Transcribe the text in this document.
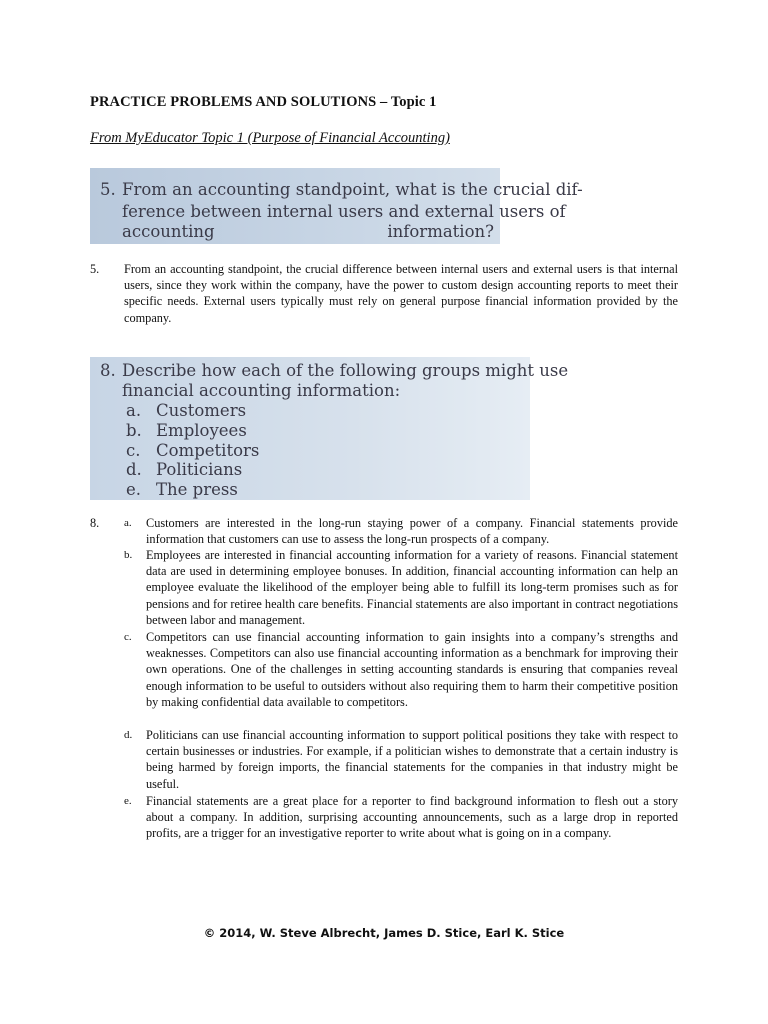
PRACTICE PROBLEMS AND SOLUTIONS – Topic 1
From MyEducator Topic 1 (Purpose of Financial Accounting)
5. From an accounting standpoint, what is the crucial dif-
ference between internal users and external users of
accounting information?
5. From an accounting standpoint, the crucial difference between internal users and external users is that internal users, since they work within the company, have the power to custom design accounting reports to meet their specific needs. External users typically must rely on general purpose financial information provided by the company.
8. Describe how each of the following groups might use
financial accounting information:
a. Customers
b. Employees
c. Competitors
d. Politicians
e. The press
8. a. Customers are interested in the long-run staying power of a company. Financial statements provide information that customers can use to assess the long-run prospects of a company.
b. Employees are interested in financial accounting information for a variety of reasons. Financial statement data are used in determining employee bonuses. In addition, financial accounting information can help an employee evaluate the likelihood of the employer being able to fulfill its long-term promises such as for pensions and for retiree health care benefits. Financial statements are also important in contract negotiations between labor and management.
c. Competitors can use financial accounting information to gain insights into a company’s strengths and weaknesses. Competitors can also use financial accounting information as a benchmark for improving their own operations. One of the challenges in setting accounting standards is ensuring that companies reveal enough information to be useful to outsiders without also requiring them to harm their competitive position by making confidential data available to competitors.
d. Politicians can use financial accounting information to support political positions they take with respect to certain businesses or industries. For example, if a politician wishes to demonstrate that a certain industry is being harmed by foreign imports, the financial statements for the companies in that industry might be useful.
e. Financial statements are a great place for a reporter to find background information to flesh out a story about a company. In addition, surprising accounting announcements, such as a large drop in reported profits, are a trigger for an investigative reporter to write about what is going on in a company.
© 2014, W. Steve Albrecht, James D. Stice, Earl K. Stice
